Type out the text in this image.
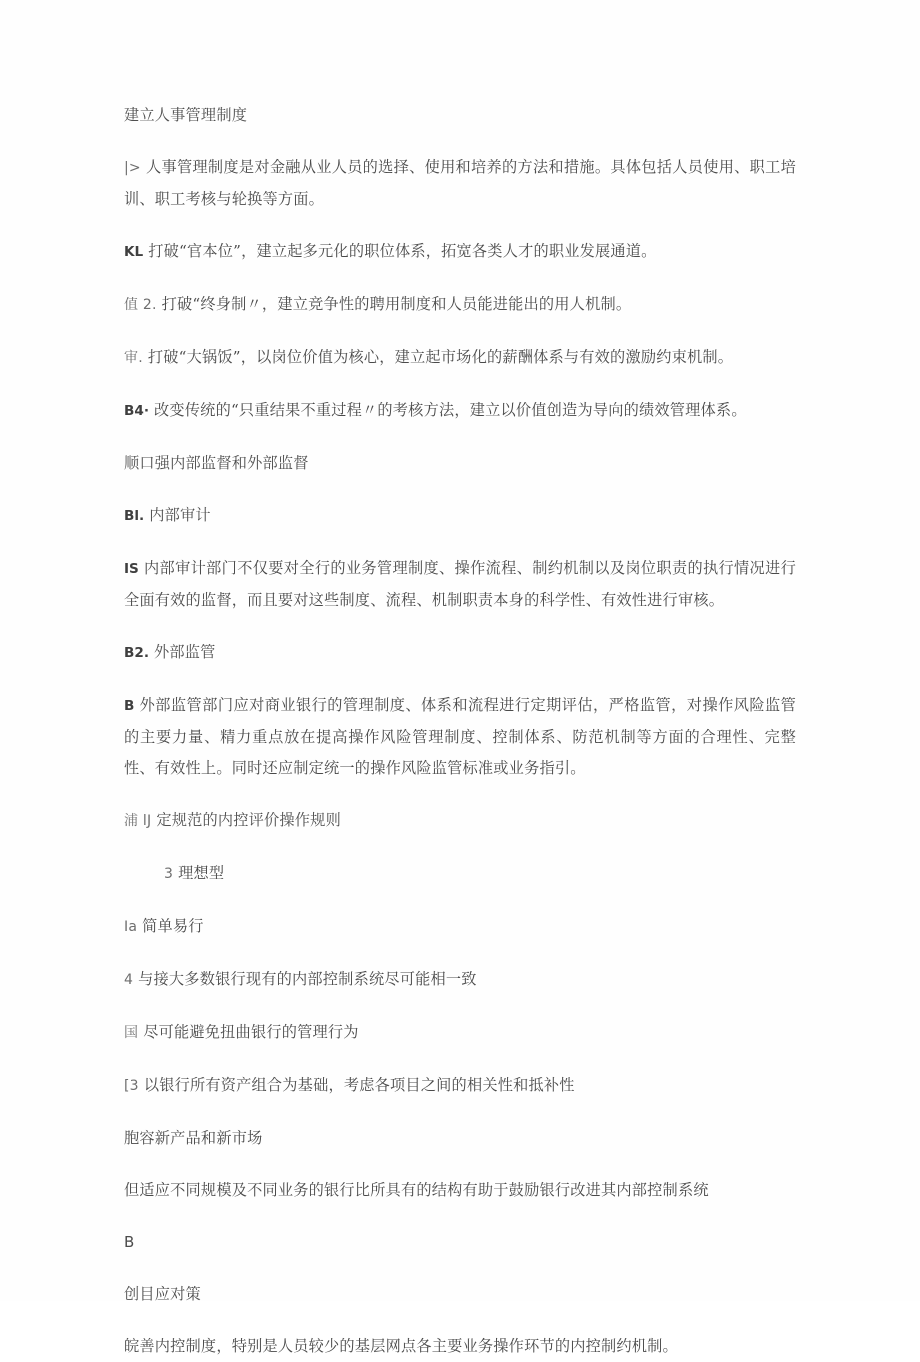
建立人事管理制度

|> 人事管理制度是对金融从业人员的选择、使用和培养的方法和措施。具体包括人员使用、职工培训、职工考核与轮换等方面。

KL 打破“官本位”，建立起多元化的职位体系，拓宽各类人才的职业发展通道。

值 2. 打破“终身制〃，建立竞争性的聘用制度和人员能进能出的用人机制。

审. 打破“大锅饭”，以岗位价值为核心，建立起市场化的薪酬体系与有效的激励约束机制。

B4· 改变传统的“只重结果不重过程〃的考核方法，建立以价值创造为导向的绩效管理体系。

顺口强内部监督和外部监督

Bl. 内部审计

IS 内部审计部门不仅要对全行的业务管理制度、操作流程、制约机制以及岗位职责的执行情况进行全面有效的监督，而且要对这些制度、流程、机制职责本身的科学性、有效性进行审核。

B2. 外部监管

B 外部监管部门应对商业银行的管理制度、体系和流程进行定期评估，严格监管，对操作风险监管的主要力量、精力重点放在提高操作风险管理制度、控制体系、防范机制等方面的合理性、完整性、有效性上。同时还应制定统一的操作风险监管标准或业务指引。

浦 lJ 定规范的内控评价操作规则

3 理想型

Ia 简单易行

4 与接大多数银行现有的内部控制系统尽可能相一致

国 尽可能避免扭曲银行的管理行为

[3 以银行所有资产组合为基础，考虑各项目之间的相关性和抵补性

胞容新产品和新市场

但适应不同规模及不同业务的银行比所具有的结构有助于鼓励银行改进其内部控制系统

B

创目应对策

皖善内控制度，特别是人员较少的基层网点各主要业务操作环节的内控制约机制。
